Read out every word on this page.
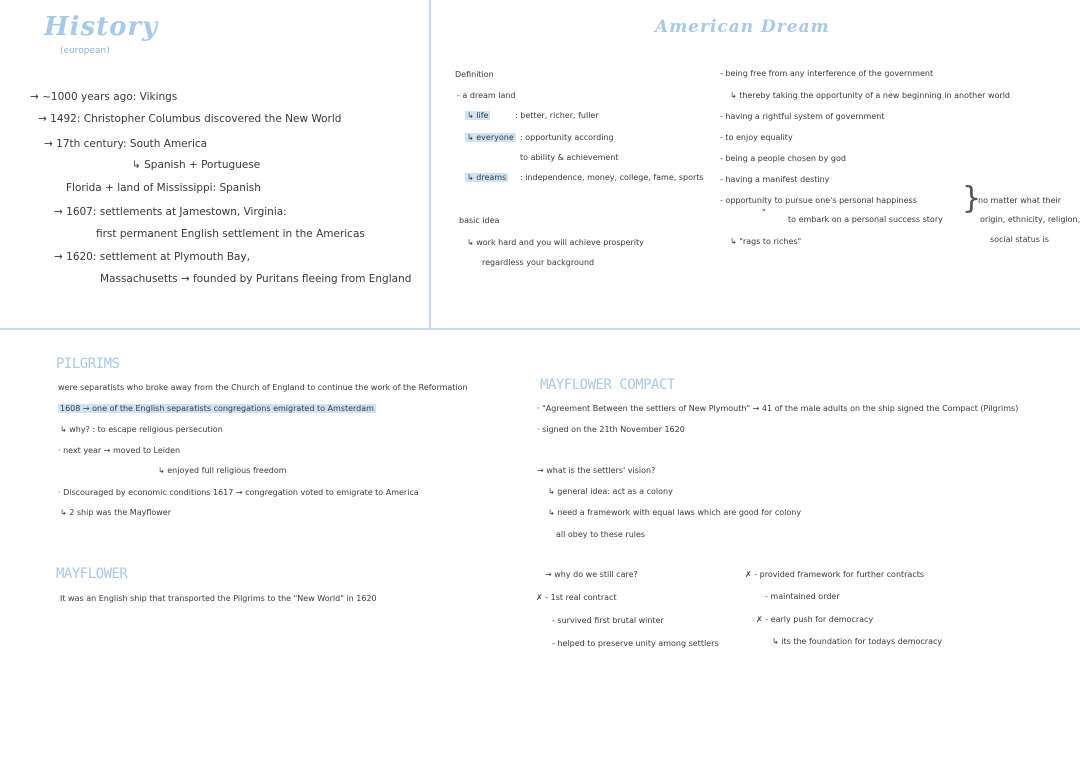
History
(european)
→ ~1000 years ago: Vikings
→ 1492: Christopher Columbus discovered the New World
→ 17th century: South America
↳ Spanish + Portuguese
Florida + land of Mississippi: Spanish
→ 1607: settlements at Jamestown, Virginia:
first permanent English settlement in the Americas
→ 1620: settlement at Plymouth Bay,
Massachusetts → founded by Puritans fleeing from England
American Dream
Definition
- a dream land
↳ life	: better, richer, fuller
↳ everyone : opportunity according
to ability & achievement
↳ dreams : independence, money, college, fame, sports
basic idea
↳ work hard and you will achieve prosperity
regardless your background
- being free from any interference of the government
↳ thereby taking the opportunity of a new beginning in another world
- having a rightful system of government
- to enjoy equality
- being a people chosen by god
- having a manifest destiny
- opportunity to pursue one's personal happiness
"
to embark on a personal success story
↳ "rags to riches"
}
no matter what their
origin, ethnicity, religion,
social status is
PILGRIMS
were separatists who broke away from the Church of England to continue the work of the Reformation
1608 → one of the English separatists congregations emigrated to Amsterdam
↳ why? : to escape religious persecution
· next year → moved to Leiden
↳ enjoyed full religious freedom
· Discouraged by economic conditions 1617 → congregation voted to emigrate to America
↳ 2 ship was the Mayflower
MAYFLOWER
It was an English ship that transported the Pilgrims to the "New World" in 1620
MAYFLOWER COMPACT
· "Agreement Between the settlers of New Plymouth" → 41 of the male adults on the ship signed the Compact (Pilgrims)
· signed on the 21th November 1620
→ what is the settlers' vision?
↳ general idea: act as a colony
↳ need a framework with equal laws which are good for colony
all obey to these rules
→ why do we still care?
✗ - 1st real contract
- survived first brutal winter
- helped to preserve unity among settlers
✗ - provided framework for further contracts
- maintained order
✗ - early push for democracy
↳ its the foundation for todays democracy
